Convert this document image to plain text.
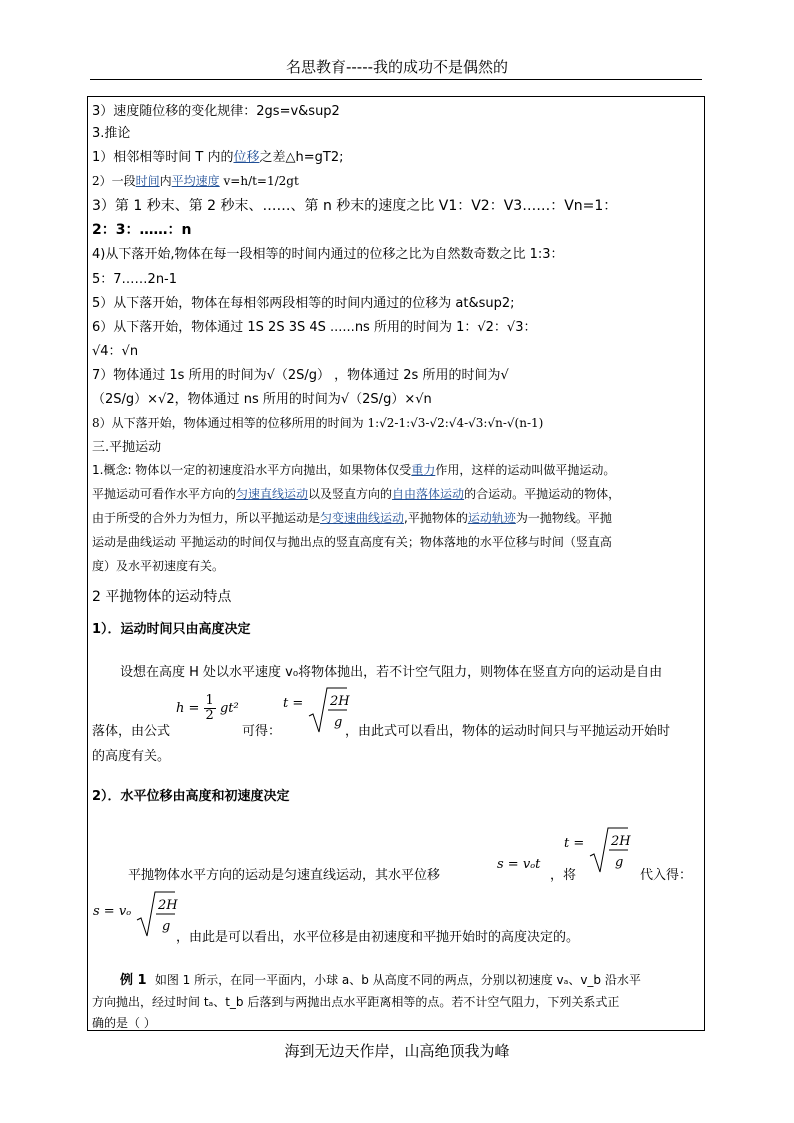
名思教育-----我的成功不是偶然的
3）速度随位移的变化规律：2gs=v&sup2
3.推论
1）相邻相等时间 T 内的位移之差△h=gT2;
2）一段时间内平均速度 v=h/t=1/2gt
3）第 1 秒末、第 2 秒末、……、第 n 秒末的速度之比 V1：V2：V3……：Vn=1：
2：3：……：n
4)从下落开始,物体在每一段相等的时间内通过的位移之比为自然数奇数之比 1:3：
5：7……2n-1
5）从下落开始，物体在每相邻两段相等的时间内通过的位移为 at&sup2;
6）从下落开始，物体通过 1S 2S 3S 4S ......ns 所用的时间为 1：√2：√3：
√4：√n
7）物体通过 1s 所用的时间为√（2S/g） ，物体通过 2s 所用的时间为√
（2S/g）×√2，物体通过 ns 所用的时间为√（2S/g）×√n
8）从下落开始，物体通过相等的位移所用的时间为 1:√2-1:√3-√2:√4-√3:√n-√(n-1)
三.平抛运动
1.概念: 物体以一定的初速度沿水平方向抛出，如果物体仅受重力作用，这样的运动叫做平抛运动。
平抛运动可看作水平方向的匀速直线运动以及竖直方向的自由落体运动的合运动。平抛运动的物体，
由于所受的合外力为恒力，所以平抛运动是匀变速曲线运动,平抛物体的运动轨迹为一抛物线。平抛
运动是曲线运动 平抛运动的时间仅与抛出点的竖直高度有关；物体落地的水平位移与时间（竖直高
度）及水平初速度有关。
2 平抛物体的运动特点
1）．运动时间只由高度决定
设想在高度 H 处以水平速度 v₀将物体抛出，若不计空气阻力，则物体在竖直方向的运动是自由
落体，由公式
$h = \frac{1}{2} gt^2$
可得：
t = 2H
g
，由此式可以看出，物体的运动时间只与平抛运动开始时
的高度有关。
2）．水平位移由高度和初速度决定
平抛物体水平方向的运动是匀速直线运动，其水平位移
s = vₒt
，将
t = 2H
g
代入得：
s = vₒ 2H
g
，由此是可以看出，水平位移是由初速度和平抛开始时的高度决定的。
例 1 如图 1 所示，在同一平面内，小球 a、b 从高度不同的两点，分别以初速度 vₐ、v_b 沿水平
方向抛出，经过时间 tₐ、t_b 后落到与两抛出点水平距离相等的点。若不计空气阻力，下列关系式正
确的是（ ）
海到无边天作岸，山高绝顶我为峰
